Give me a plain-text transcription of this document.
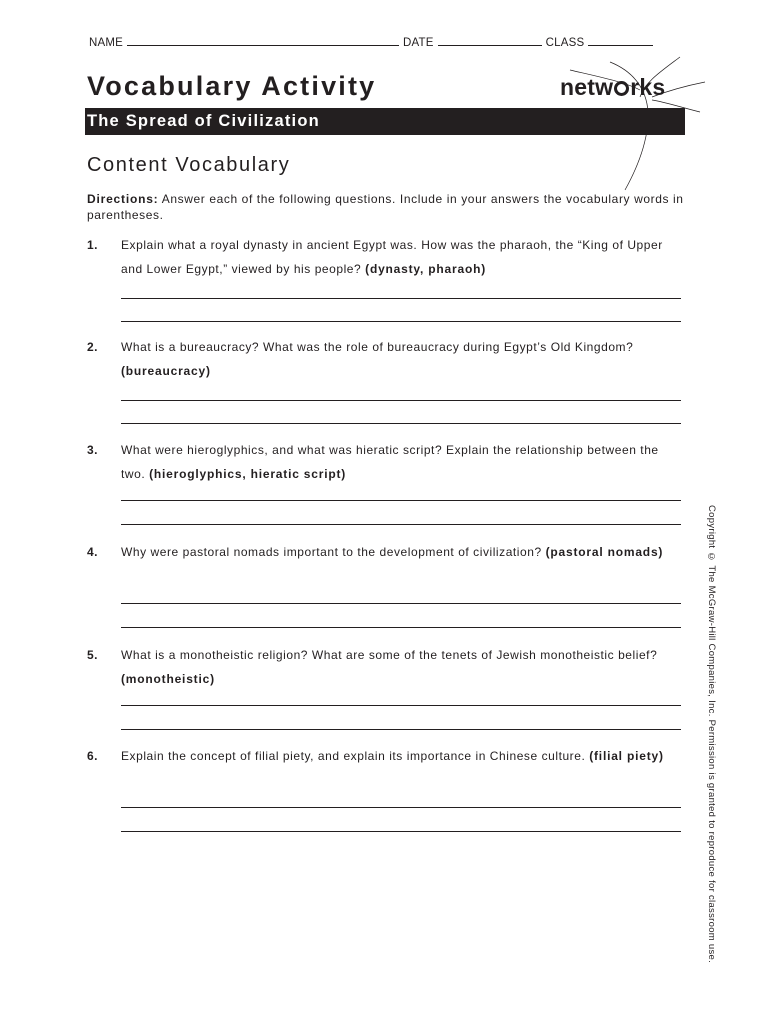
NAME	DATE	CLASS
Vocabulary Activity	netw rks
The Spread of Civilization
Content Vocabulary
Directions: Answer each of the following questions. Include in your answers the vocabulary words in parentheses.
1. Explain what a royal dynasty in ancient Egypt was. How was the pharaoh, the “King of Upper and Lower Egypt,” viewed by his people? (dynasty, pharaoh)
2. What is a bureaucracy? What was the role of bureaucracy during Egypt’s Old Kingdom? (bureaucracy)
3. What were hieroglyphics, and what was hieratic script? Explain the relationship between the two. (hieroglyphics, hieratic script)
4. Why were pastoral nomads important to the development of civilization? (pastoral nomads)
5. What is a monotheistic religion? What are some of the tenets of Jewish monotheistic belief? (monotheistic)
6. Explain the concept of filial piety, and explain its importance in Chinese culture. (filial piety)	Copyright © The McGraw-Hill Companies, Inc. Permission is granted to reproduce for classroom use.
